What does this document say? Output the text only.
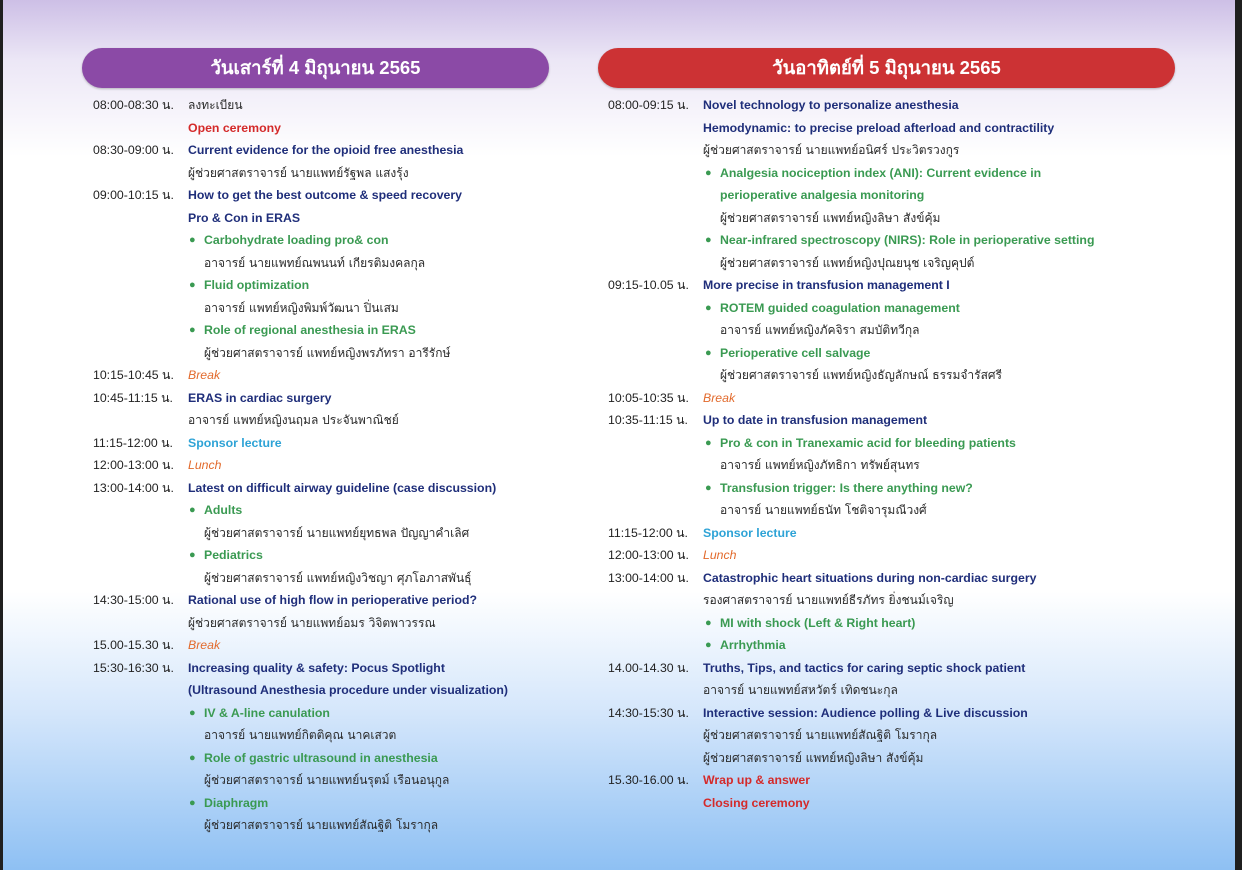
วันเสาร์ที่ 4 มิถุนายน 2565
08:00-08:30 น. ลงทะเบียน
Open ceremony
08:30-09:00 น. Current evidence for the opioid free anesthesia
ผู้ช่วยศาสตราจารย์ นายแพทย์รัฐพล แสงรุ้ง
09:00-10:15 น. How to get the best outcome & speed recovery
Pro & Con in ERAS
● Carbohydrate loading pro& con
อาจารย์ นายแพทย์ณพนนท์ เกียรติมงคลกุล
● Fluid optimization
อาจารย์ แพทย์หญิงพิมพ์วัฒนา ปิ่นเสม
● Role of regional anesthesia in ERAS
ผู้ช่วยศาสตราจารย์ แพทย์หญิงพรภัทรา อารีรักษ์
10:15-10:45 น. Break
10:45-11:15 น. ERAS in cardiac surgery
อาจารย์ แพทย์หญิงนฤมล ประจันพาณิชย์
11:15-12:00 น. Sponsor lecture
12:00-13:00 น. Lunch
13:00-14:00 น. Latest on difficult airway guideline (case discussion)
● Adults
ผู้ช่วยศาสตราจารย์ นายแพทย์ยุทธพล ปัญญาคำเลิศ
● Pediatrics
ผู้ช่วยศาสตราจารย์ แพทย์หญิงวิชญา ศุภโอภาสพันธุ์
14:30-15:00 น. Rational use of high flow in perioperative period?
ผู้ช่วยศาสตราจารย์ นายแพทย์อมร วิจิตพาวรรณ
15.00-15.30 น. Break
15:30-16:30 น. Increasing quality & safety: Pocus Spotlight
(Ultrasound Anesthesia procedure under visualization)
● IV & A-line canulation
อาจารย์ นายแพทย์กิตติคุณ นาคเสวต
● Role of gastric ultrasound in anesthesia
ผู้ช่วยศาสตราจารย์ นายแพทย์นรุตม์ เรือนอนุกูล
● Diaphragm
ผู้ช่วยศาสตราจารย์ นายแพทย์สัณฐิติ โมรากุล
วันอาทิตย์ที่ 5 มิถุนายน 2565
08:00-09:15 น. Novel technology to personalize anesthesia
Hemodynamic: to precise preload afterload and contractility
ผู้ช่วยศาสตราจารย์ นายแพทย์อนิศร์ ประวิตรวงกูร
● Analgesia nociception index (ANI): Current evidence in
perioperative analgesia monitoring
ผู้ช่วยศาสตราจารย์ แพทย์หญิงลิษา สังข์คุ้ม
● Near-infrared spectroscopy (NIRS): Role in perioperative setting
ผู้ช่วยศาสตราจารย์ แพทย์หญิงปุณยนุช เจริญคุปต์
09:15-10.05 น. More precise in transfusion management I
● ROTEM guided coagulation management
อาจารย์ แพทย์หญิงภัคจิรา สมบัติทวีกุล
● Perioperative cell salvage
ผู้ช่วยศาสตราจารย์ แพทย์หญิงธัญลักษณ์ ธรรมจำรัสศรี
10:05-10:35 น. Break
10:35-11:15 น. Up to date in transfusion management
● Pro & con in Tranexamic acid for bleeding patients
อาจารย์ แพทย์หญิงภัทธิกา ทรัพย์สุนทร
● Transfusion trigger: Is there anything new?
อาจารย์ นายแพทย์ธนัท โชติจารุมณีวงศ์
11:15-12:00 น. Sponsor lecture
12:00-13:00 น. Lunch
13:00-14:00 น. Catastrophic heart situations during non-cardiac surgery
รองศาสตราจารย์ นายแพทย์ธีรภัทร ยิ่งชนม์เจริญ
● MI with shock (Left & Right heart)
● Arrhythmia
14.00-14.30 น. Truths, Tips, and tactics for caring septic shock patient
อาจารย์ นายแพทย์สหวัตร์ เทิดชนะกุล
14:30-15:30 น. Interactive session: Audience polling & Live discussion
ผู้ช่วยศาสตราจารย์ นายแพทย์สัณฐิติ โมรากุล
ผู้ช่วยศาสตราจารย์ แพทย์หญิงลิษา สังข์คุ้ม
15.30-16.00 น. Wrap up & answer
Closing ceremony
